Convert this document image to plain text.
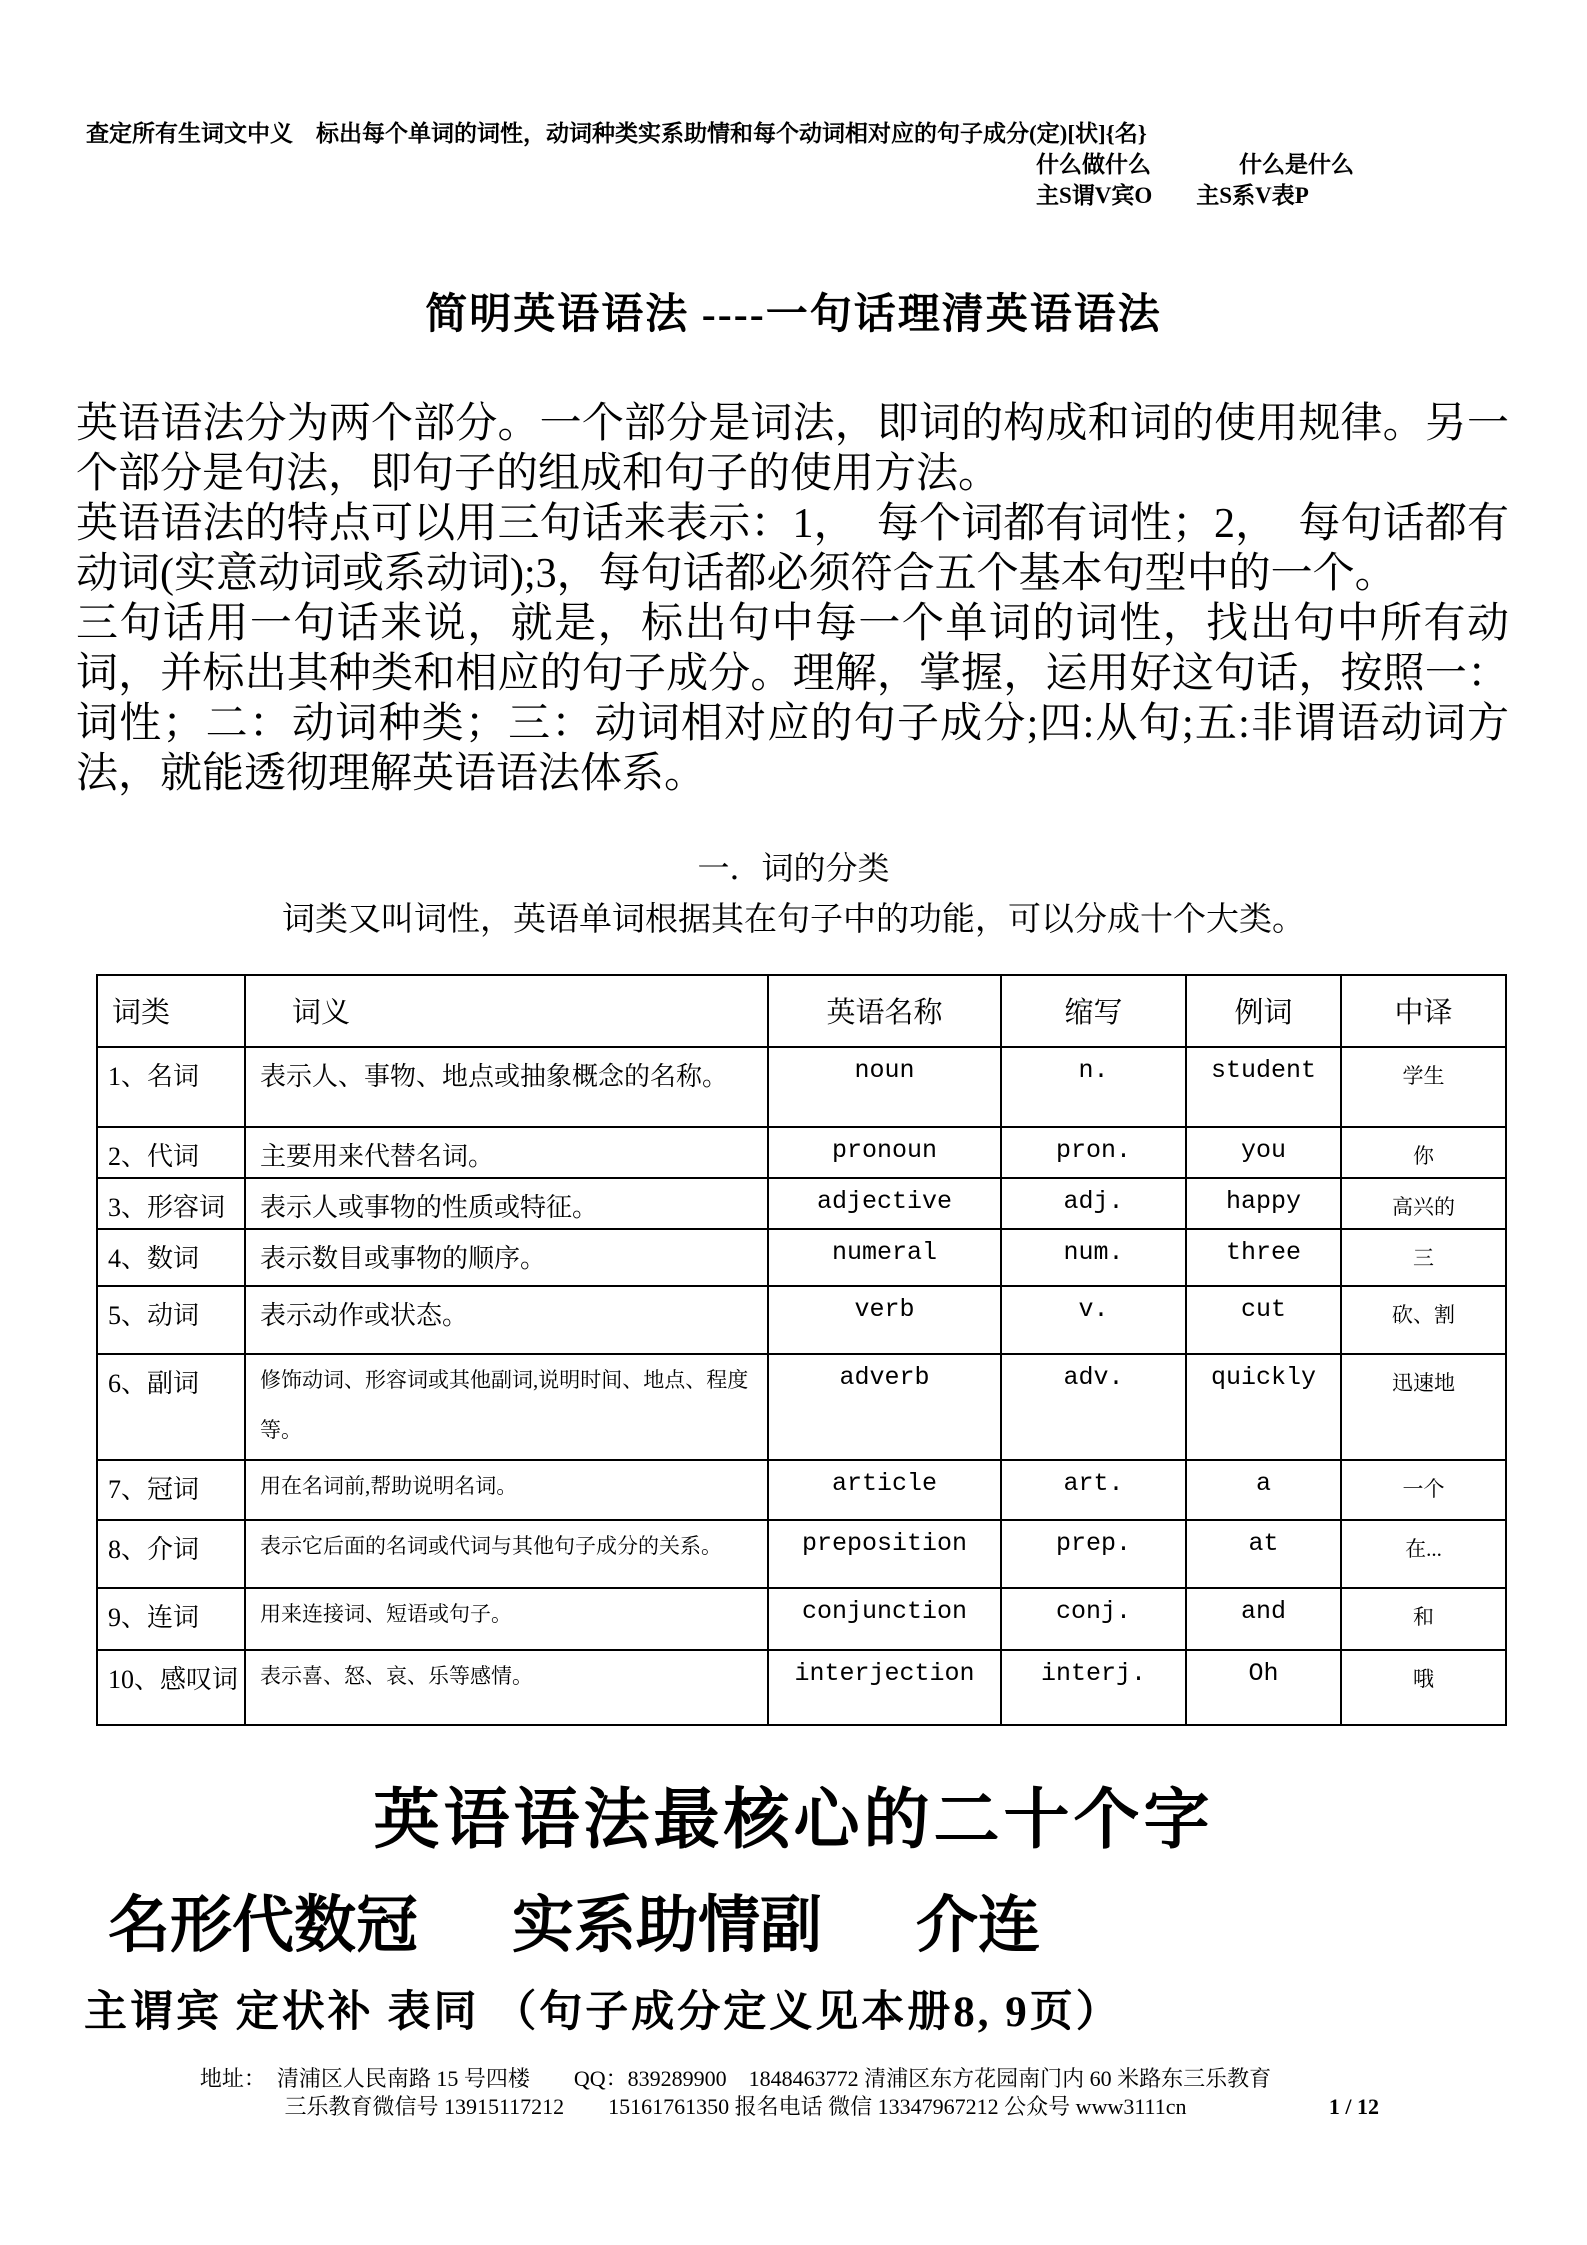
查定所有生词文中义　标出每个单词的词性，动词种类实系助情和每个动词相对应的句子成分(定)[状]{名}
什么做什么	什么是什么
主S谓V宾O 主S系V表P
简明英语语法 ----一句话理清英语语法

英语语法分为两个部分。一个部分是词法，即词的构成和词的使用规律。另一个部分是句法，即句子的组成和句子的使用方法。

英语语法的特点可以用三句话来表示：1，　每个词都有词性；2，　每句话都有动词(实意动词或系动词);3，每句话都必须符合五个基本句型中的一个。

三句话用一句话来说，就是，标出句中每一个单词的词性，找出句中所有动词，并标出其种类和相应的句子成分。理解，掌握，运用好这句话，按照一：词性；二：动词种类；三：动词相对应的句子成分;四:从句;五:非谓语动词方法，就能透彻理解英语语法体系。

一．词的分类
词类又叫词性，英语单词根据其在句子中的功能，可以分成十个大类。
词类	词义	英语名称	缩写	例词	中译
1、名词	表示人、事物、地点或抽象概念的名称。	noun	n.	student	学生
2、代词	主要用来代替名词。	pronoun	pron.	you	你
3、形容词	表示人或事物的性质或特征。	adjective	adj.	happy	高兴的
4、数词	表示数目或事物的顺序。	numeral	num.	three	三
5、动词	表示动作或状态。	verb	v.	cut	砍、割
6、副词	修饰动词、形容词或其他副词,说明时间、地点、程度等。	adverb	adv.	quickly	迅速地
7、冠词	用在名词前,帮助说明名词。	article	art.	a	一个
8、介词	表示它后面的名词或代词与其他句子成分的关系。	preposition	prep.	at	在...
9、连词	用来连接词、短语或句子。	conjunction	conj.	and	和
10、感叹词	表示喜、怒、哀、乐等感情。	interjection	interj.	Oh	哦
英语语法最核心的二十个字
名形代数冠 实系助情副 介连
主谓宾 定状补 表同 （句子成分定义见本册8, 9页）
地址：　清浦区人民南路 15 号四楼　　QQ：839289900　1848463772 清浦区东方花园南门内 60 米路东三乐教育
三乐教育微信号 13915117212　　15161761350 报名电话 微信 13347967212 公众号 www3111cn	1 / 12
